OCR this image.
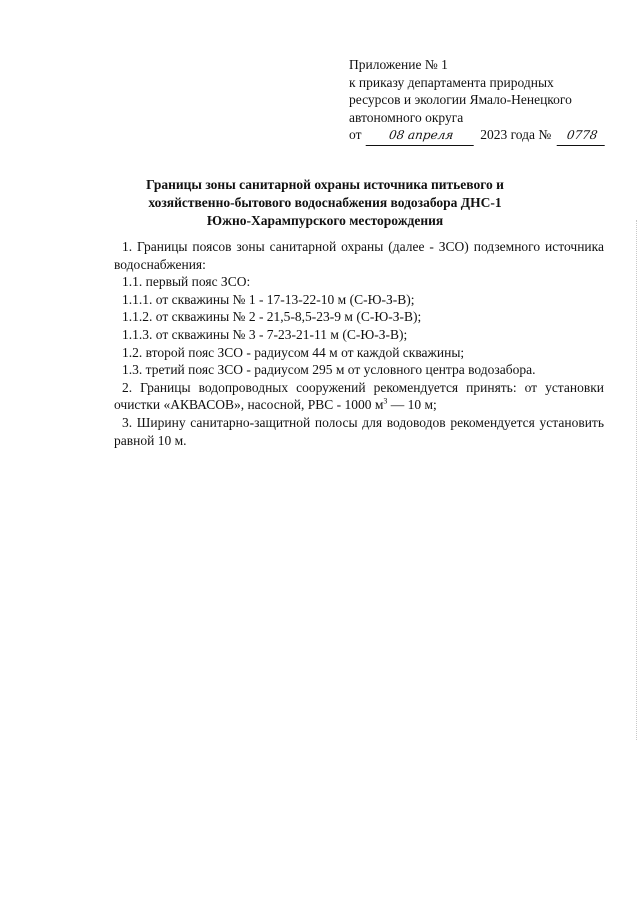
Приложение № 1
к приказу департамента природных
ресурсов и экологии Ямало-Ненецкого
автономного округа
от 08 апреля 2023 года № 0778
Границы зоны санитарной охраны источника питьевого и
хозяйственно-бытового водоснабжения водозабора ДНС-1
Южно-Харампурского месторождения
1. Границы поясов зоны санитарной охраны (далее - ЗСО) подземного источника водоснабжения:
1.1. первый пояс ЗСО:
1.1.1. от скважины № 1 - 17-13-22-10 м (С-Ю-З-В);
1.1.2. от скважины № 2 - 21,5-8,5-23-9 м (С-Ю-З-В);
1.1.3. от скважины № 3 - 7-23-21-11 м (С-Ю-З-В);
1.2. второй пояс ЗСО - радиусом 44 м от каждой скважины;
1.3. третий пояс ЗСО - радиусом 295 м от условного центра водозабора.
2. Границы водопроводных сооружений рекомендуется принять: от установки очистки «АКВАСОВ», насосной, РВС - 1000 $м^3$ — 10 м;
3. Ширину санитарно-защитной полосы для водоводов рекомендуется установить равной 10 м.
